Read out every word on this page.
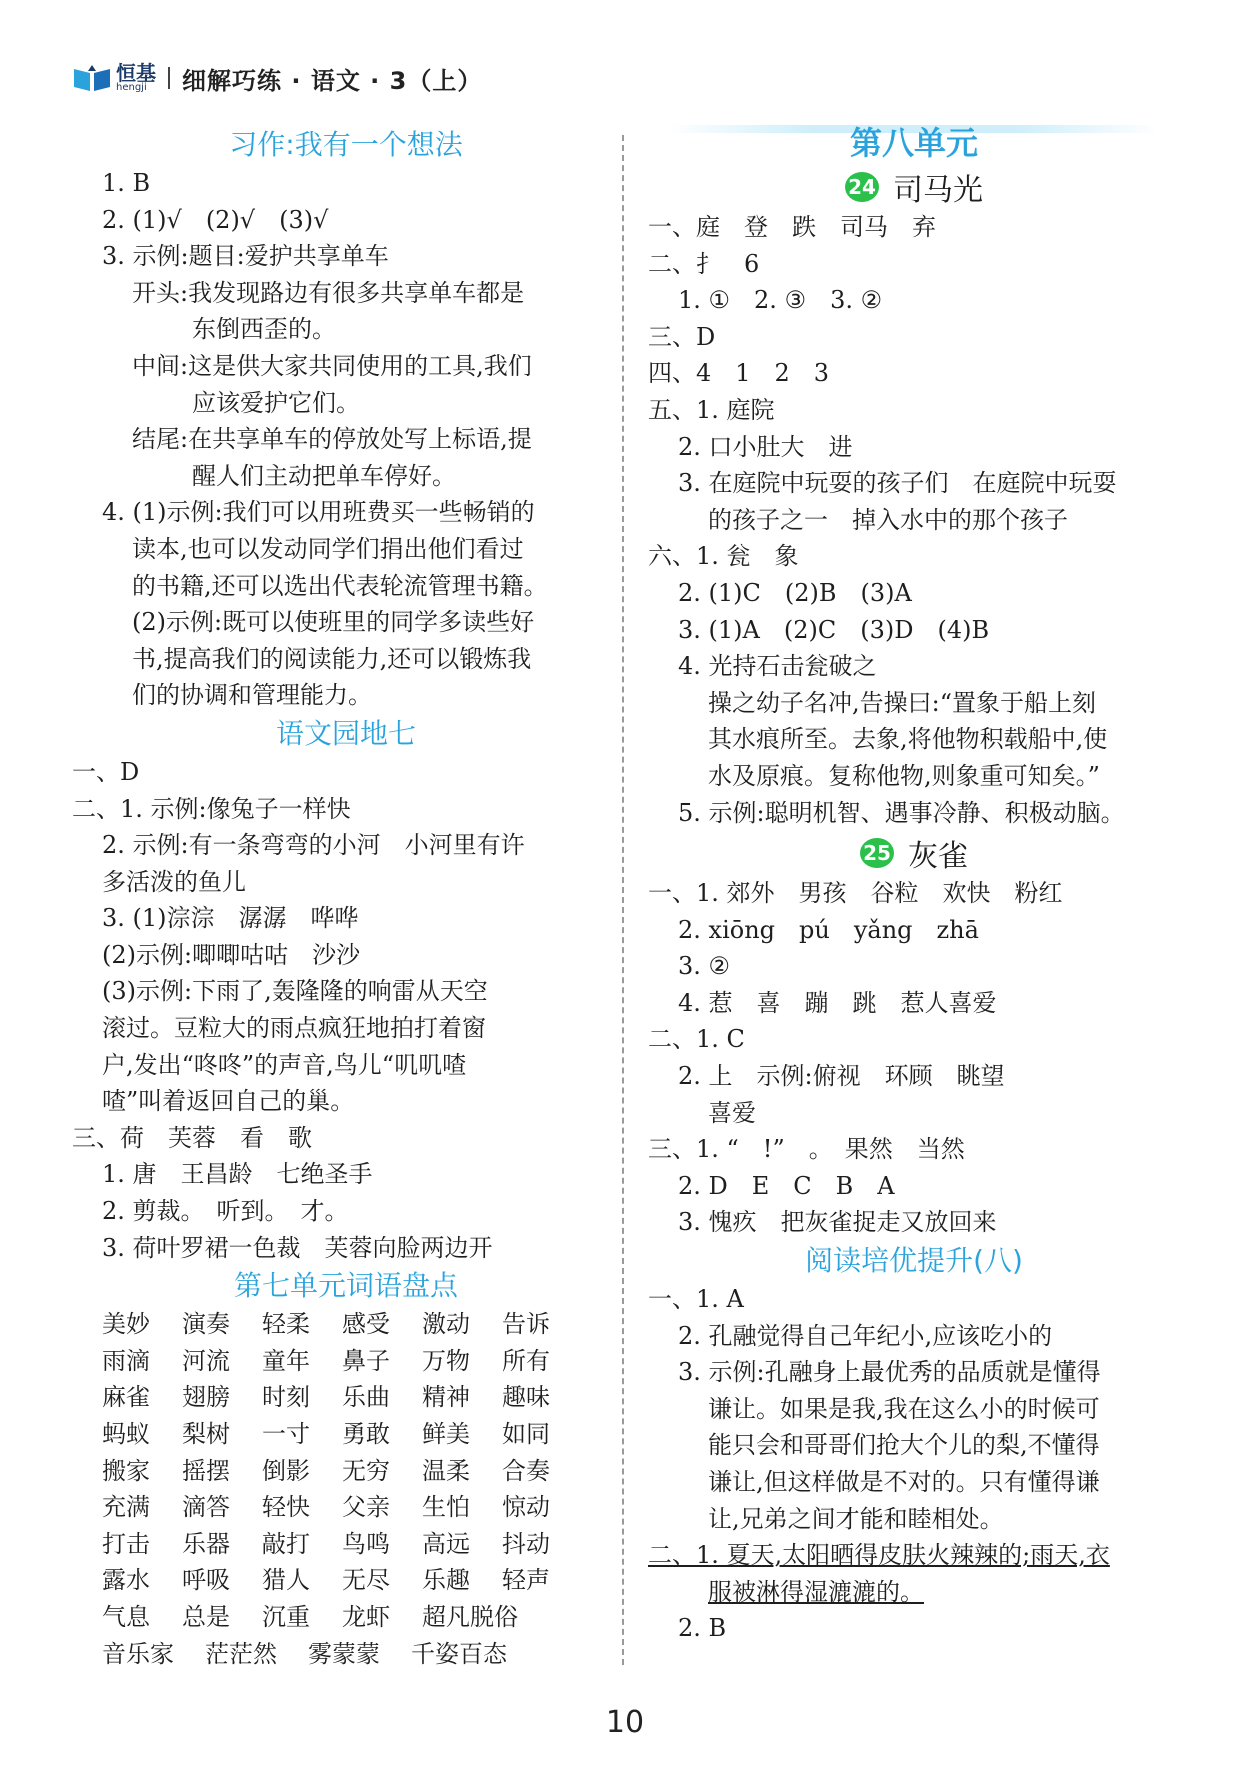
恒基
hengji	细解巧练 · 语文 · 3（上）
习作:我有一个想法
1. B
2. (1)√　(2)√　(3)√
3. 示例:题目:爱护共享单车
开头:我发现路边有很多共享单车都是
东倒西歪的。
中间:这是供大家共同使用的工具,我们
应该爱护它们。
结尾:在共享单车的停放处写上标语,提
醒人们主动把单车停好。
4. (1)示例:我们可以用班费买一些畅销的
读本,也可以发动同学们捐出他们看过
的书籍,还可以选出代表轮流管理书籍。
(2)示例:既可以使班里的同学多读些好
书,提高我们的阅读能力,还可以锻炼我
们的协调和管理能力。
语文园地七
一、D
二、1. 示例:像兔子一样快
2. 示例:有一条弯弯的小河　小河里有许
多活泼的鱼儿
3. (1)淙淙　潺潺　哗哗
(2)示例:唧唧咕咕　沙沙
(3)示例:下雨了,轰隆隆的响雷从天空
滚过。豆粒大的雨点疯狂地拍打着窗
户,发出“咚咚”的声音,鸟儿“叽叽喳
喳”叫着返回自己的巢。
三、荷　芙蓉　看　歌
1. 唐　王昌龄　七绝圣手
2. 剪裁。　听到。　才。
3. 荷叶罗裙一色裁　芙蓉向脸两边开
第七单元词语盘点
美妙	演奏	轻柔	感受	激动	告诉
雨滴	河流	童年	鼻子	万物	所有
麻雀	翅膀	时刻	乐曲	精神	趣味
蚂蚁	梨树	一寸	勇敢	鲜美	如同
搬家	摇摆	倒影	无穷	温柔	合奏
充满	滴答	轻快	父亲	生怕	惊动
打击	乐器	敲打	鸟鸣	高远	抖动
露水	呼吸	猎人	无尽	乐趣	轻声
气息	总是	沉重	龙虾	超凡脱俗
音乐家	茫茫然	雾蒙蒙	千姿百态
第八单元
24 司马光
一、庭　登　跌　司马　弃
二、扌　6
1. ①　2. ③　3. ②
三、D
四、4　1　2　3
五、1. 庭院
2. 口小肚大　进
3. 在庭院中玩耍的孩子们　在庭院中玩耍
的孩子之一　掉入水中的那个孩子
六、1. 瓮　象
2. (1)C　(2)B　(3)A
3. (1)A　(2)C　(3)D　(4)B
4. 光持石击瓮破之
操之幼子名冲,告操曰:“置象于船上刻
其水痕所至。去象,将他物积载船中,使
水及原痕。复称他物,则象重可知矣。”
5. 示例:聪明机智、遇事冷静、积极动脑。
25 灰雀
一、1. 郊外　男孩　谷粒　欢快　粉红
2. xiōng　pú　yǎng　zhā
3. ②
4. 惹　喜　蹦　跳　惹人喜爱
二、1. C
2. 上　示例:俯视　环顾　眺望
喜爱
三、1. “　!”　。　果然　当然
2. D　E　C　B　A
3. 愧疚　把灰雀捉走又放回来
阅读培优提升(八)
一、1. A
2. 孔融觉得自己年纪小,应该吃小的
3. 示例:孔融身上最优秀的品质就是懂得
谦让。如果是我,我在这么小的时候可
能只会和哥哥们抢大个儿的梨,不懂得
谦让,但这样做是不对的。只有懂得谦
让,兄弟之间才能和睦相处。
二、1. 夏天,太阳晒得皮肤火辣辣的;雨天,衣
服被淋得湿漉漉的。
2. B
10
